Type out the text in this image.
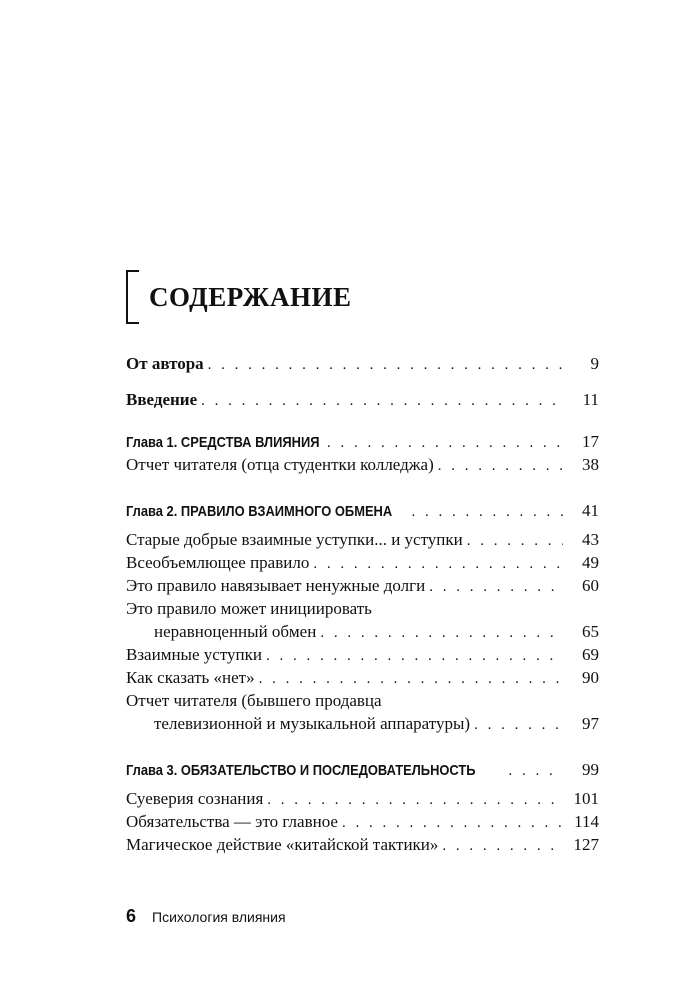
СОДЕРЖАНИЕ
От автора . . .	9
Введение . . .	11
Глава 1. СРЕДСТВА ВЛИЯНИЯ . . .	17
Отчет читателя (отца студентки колледжа) . . .	38
Глава 2. ПРАВИЛО ВЗАИМНОГО ОБМЕНА . . .	41
Старые добрые взаимные уступки... и уступки . . .	43
Всеобъемлющее правило . . .	49
Это правило навязывает ненужные долги . . .	60
Это правило может инициировать
неравноценный обмен . . .	65
Взаимные уступки . . .	69
Как сказать «нет» . . .	90
Отчет читателя (бывшего продавца
телевизионной и музыкальной аппаратуры) . . .	97
Глава 3. ОБЯЗАТЕЛЬСТВО И ПОСЛЕДОВАТЕЛЬНОСТЬ . . .	99
Суеверия сознания . . .	101
Обязательства — это главное . . .	114
Магическое действие «китайской тактики» . . .	127
6 Психология влияния
